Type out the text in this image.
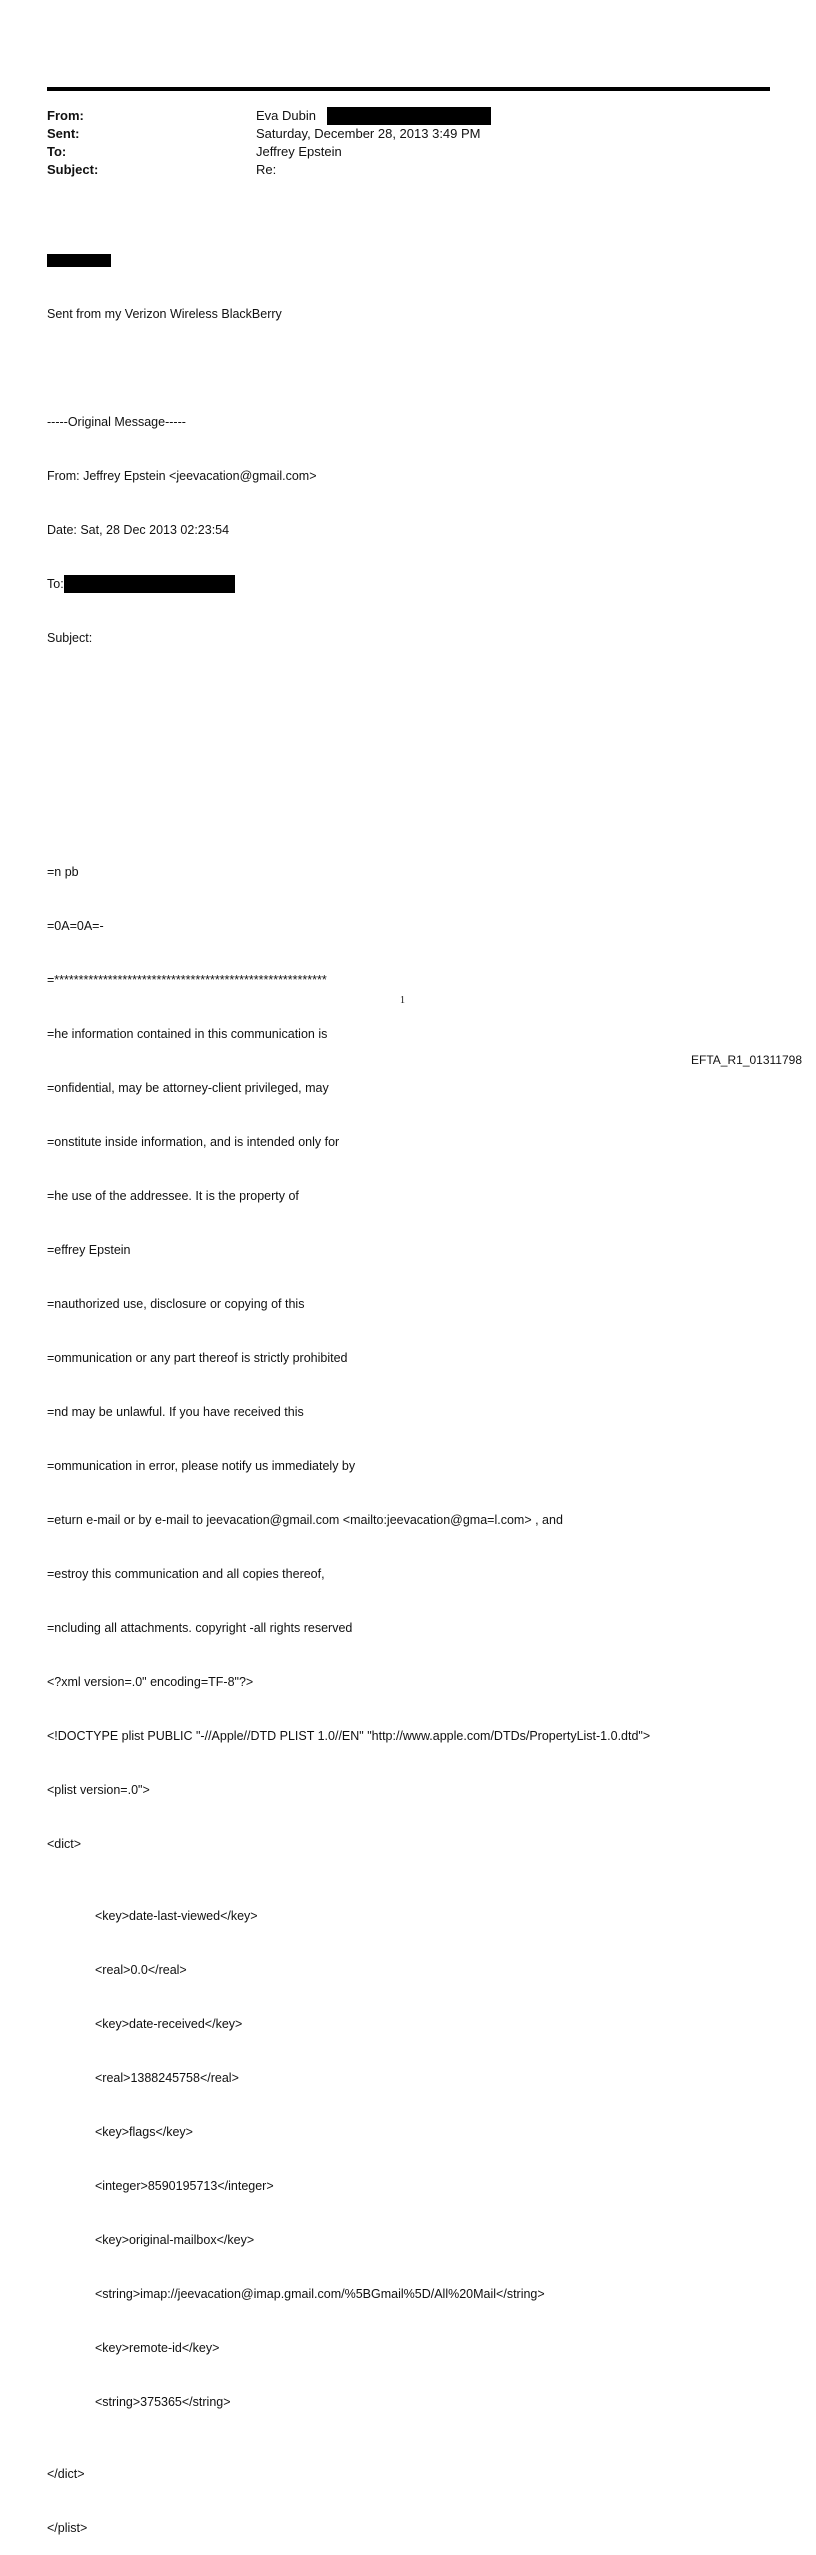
From:	Eva Dubin
Sent:	Saturday, December 28, 2013 3:49 PM
To:	Jeffrey Epstein
Subject:	Re:

Sent from my Verizon Wireless BlackBerry

-----Original Message-----

From: Jeffrey Epstein <jeevacation@gmail.com>

Date: Sat, 28 Dec 2013 02:23:54

To:

Subject:

=n pb

=0A=0A=-

=********************************************************

=he information contained in this communication is

=onfidential, may be attorney-client privileged, may

=onstitute inside information, and is intended only for

=he use of the addressee. It is the property of

=effrey Epstein

=nauthorized use, disclosure or copying of this

=ommunication or any part thereof is strictly prohibited

=nd may be unlawful. If you have received this

=ommunication in error, please notify us immediately by

=eturn e-mail or by e-mail to jeevacation@gmail.com <mailto:jeevacation@gma=l.com> , and

=estroy this communication and all copies thereof,

=ncluding all attachments. copyright -all rights reserved

<?xml version=.0" encoding=TF-8"?>

<!DOCTYPE plist PUBLIC "-//Apple//DTD PLIST 1.0//EN" "http://www.apple.com/DTDs/PropertyList-1.0.dtd">

<plist version=.0">

<dict>

<key>date-last-viewed</key>

<real>0.0</real>

<key>date-received</key>

<real>1388245758</real>

<key>flags</key>

<integer>8590195713</integer>

<key>original-mailbox</key>

<string>imap://jeevacation@imap.gmail.com/%5BGmail%5D/All%20Mail</string>

<key>remote-id</key>

<string>375365</string>

</dict>

</plist>

1
EFTA_R1_01311798
